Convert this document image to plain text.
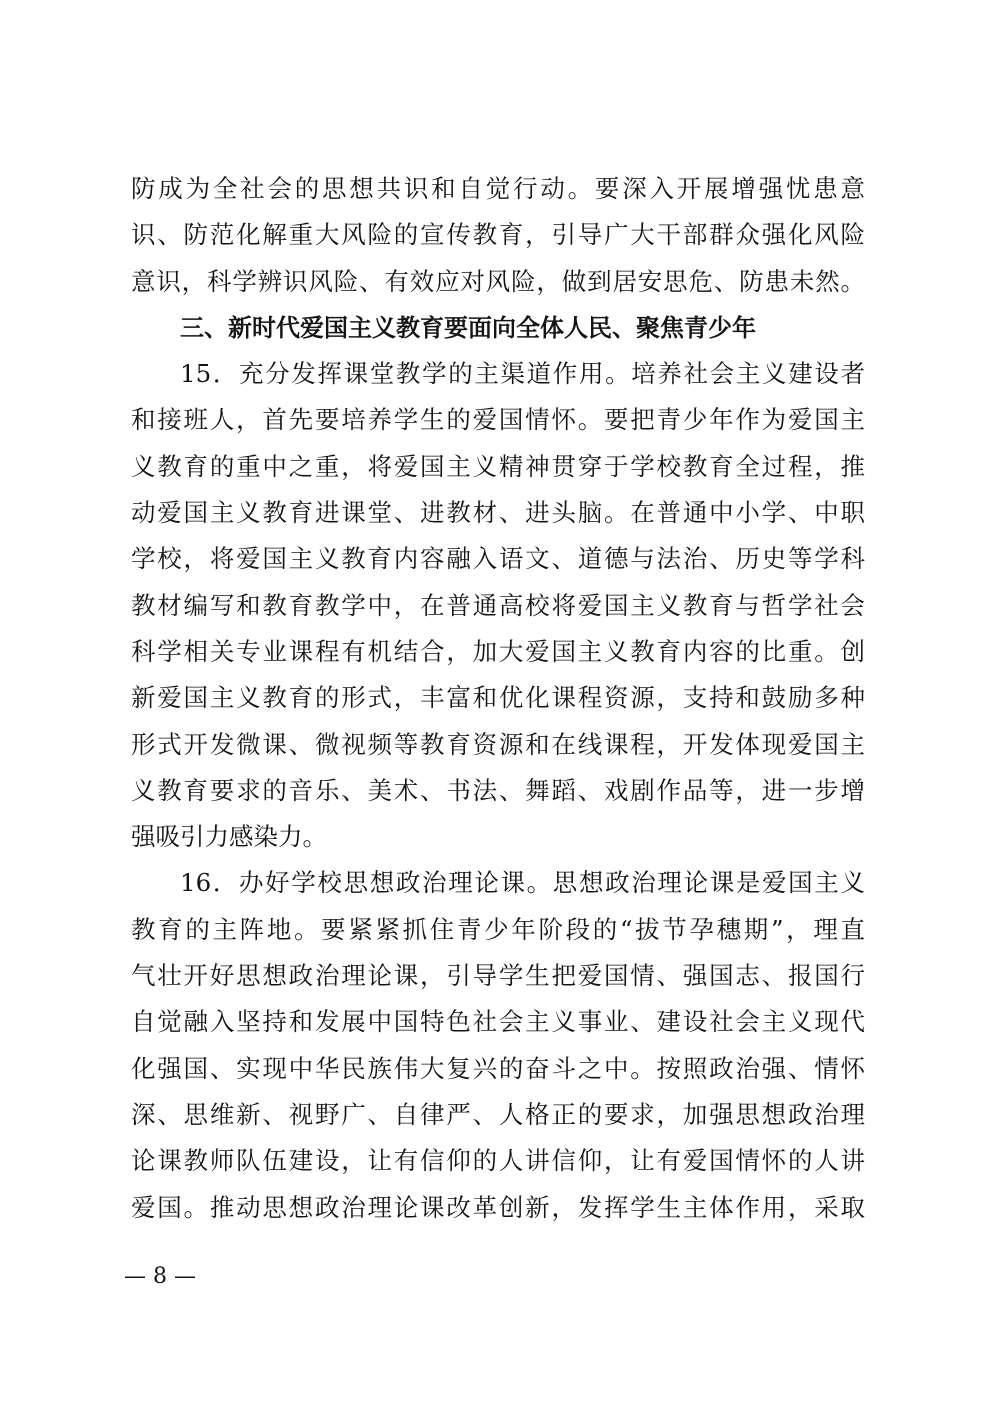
防成为全社会的思想共识和自觉行动。要深入开展增强忧患意
识、防范化解重大风险的宣传教育，引导广大干部群众强化风险
意识，科学辨识风险、有效应对风险，做到居安思危、防患未然。
三、新时代爱国主义教育要面向全体人民、聚焦青少年
15．充分发挥课堂教学的主渠道作用。培养社会主义建设者
和接班人，首先要培养学生的爱国情怀。要把青少年作为爱国主
义教育的重中之重，将爱国主义精神贯穿于学校教育全过程，推
动爱国主义教育进课堂、进教材、进头脑。在普通中小学、中职
学校，将爱国主义教育内容融入语文、道德与法治、历史等学科
教材编写和教育教学中，在普通高校将爱国主义教育与哲学社会
科学相关专业课程有机结合，加大爱国主义教育内容的比重。创
新爱国主义教育的形式，丰富和优化课程资源，支持和鼓励多种
形式开发微课、微视频等教育资源和在线课程，开发体现爱国主
义教育要求的音乐、美术、书法、舞蹈、戏剧作品等，进一步增
强吸引力感染力。
16．办好学校思想政治理论课。思想政治理论课是爱国主义
教育的主阵地。要紧紧抓住青少年阶段的“拔节孕穗期”，理直
气壮开好思想政治理论课，引导学生把爱国情、强国志、报国行
自觉融入坚持和发展中国特色社会主义事业、建设社会主义现代
化强国、实现中华民族伟大复兴的奋斗之中。按照政治强、情怀
深、思维新、视野广、自律严、人格正的要求，加强思想政治理
论课教师队伍建设，让有信仰的人讲信仰，让有爱国情怀的人讲
爱国。推动思想政治理论课改革创新，发挥学生主体作用，采取
— 8 —
